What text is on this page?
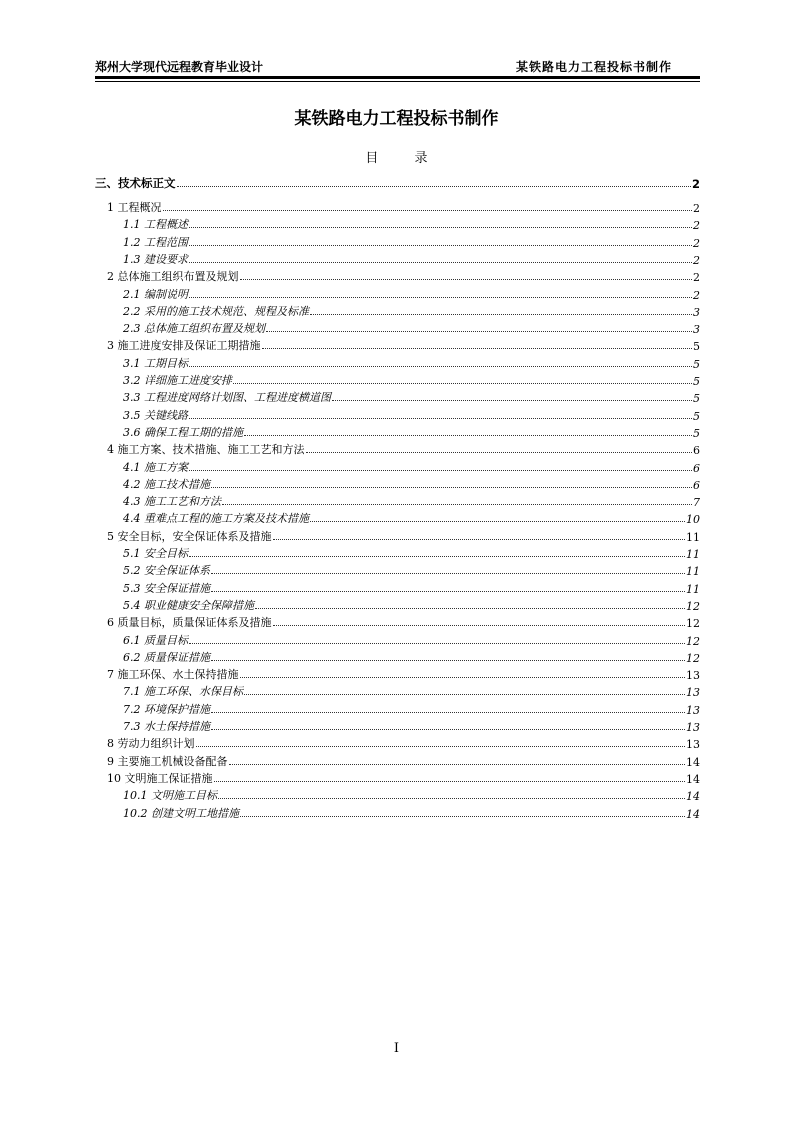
郑州大学现代远程教育毕业设计	某铁路电力工程投标书制作
某铁路电力工程投标书制作
目 录
三、技术标正文	2
1 工程概况	2
1.1 工程概述	2
1.2 工程范围	2
1.3 建设要求	2
2 总体施工组织布置及规划	2
2.1 编制说明	2
2.2 采用的施工技术规范、规程及标准	3
2.3 总体施工组织布置及规划	3
3 施工进度安排及保证工期措施	5
3.1 工期目标	5
3.2 详细施工进度安排	5
3.3 工程进度网络计划图、工程进度横道图	5
3.5 关键线路	5
3.6 确保工程工期的措施	5
4 施工方案、技术措施、施工工艺和方法	6
4.1 施工方案	6
4.2 施工技术措施	6
4.3 施工工艺和方法	7
4.4 重难点工程的施工方案及技术措施	10
5 安全目标，安全保证体系及措施	11
5.1 安全目标	11
5.2 安全保证体系	11
5.3 安全保证措施	11
5.4 职业健康安全保障措施	12
6 质量目标，质量保证体系及措施	12
6.1 质量目标	12
6.2 质量保证措施	12
7 施工环保、水土保持措施	13
7.1 施工环保、水保目标	13
7.2 环境保护措施	13
7.3 水土保持措施	13
8 劳动力组织计划	13
9 主要施工机械设备配备	14
10 文明施工保证措施	14
10.1 文明施工目标	14
10.2 创建文明工地措施	14
I
